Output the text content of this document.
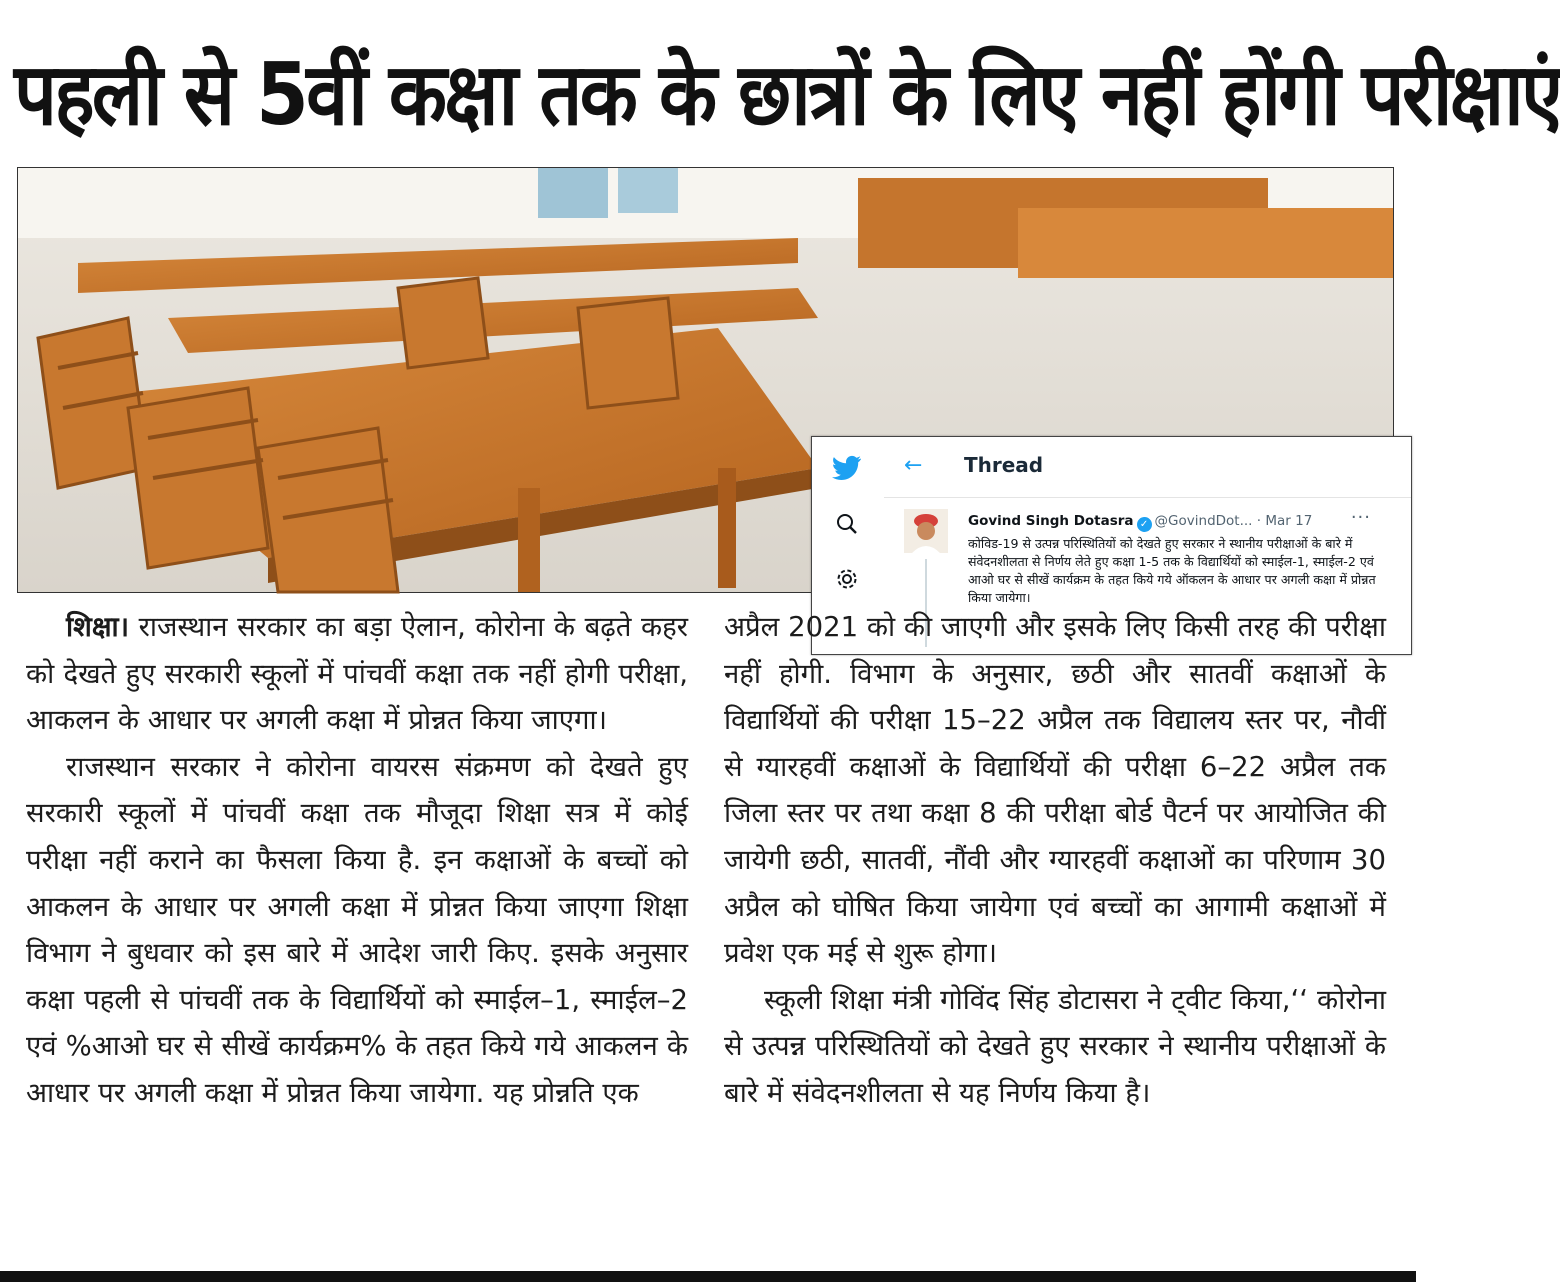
पहली से 5वीं कक्षा तक के छात्रों के लिए नहीं होंगी परीक्षाएं
← Thread
Govind Singh Dotasra ✓ @GovindDot... · Mar 17 ···
कोविड-19 से उत्पन्न परिस्थितियों को देखते हुए सरकार ने स्थानीय परीक्षाओं के बारे में संवेदनशीलता से निर्णय लेते हुए कक्षा 1-5 तक के विद्यार्थियों को स्माईल-1, स्माईल-2 एवं आओ घर से सीखें कार्यक्रम के तहत किये गये ऑकलन के आधार पर अगली कक्षा में प्रोन्नत किया जायेगा।

शिक्षा। राजस्थान सरकार का बड़ा ऐलान, कोरोना के बढ़ते कहर को देखते हुए सरकारी स्कूलों में पांचवीं कक्षा तक नहीं होगी परीक्षा, आकलन के आधार पर अगली कक्षा में प्रोन्नत किया जाएगा।

राजस्थान सरकार ने कोरोना वायरस संक्रमण को देखते हुए सरकारी स्कूलों में पांचवीं कक्षा तक मौजूदा शिक्षा सत्र में कोई परीक्षा नहीं कराने का फैसला किया है. इन कक्षाओं के बच्चों को आकलन के आधार पर अगली कक्षा में प्रोन्नत किया जाएगा शिक्षा विभाग ने बुधवार को इस बारे में आदेश जारी किए. इसके अनुसार कक्षा पहली से पांचवीं तक के विद्यार्थियों को स्माईल–1, स्माईल–2 एवं %आओ घर से सीखें कार्यक्रम% के तहत किये गये आकलन के आधार पर अगली कक्षा में प्रोन्नत किया जायेगा. यह प्रोन्नति एक

अप्रैल 2021 को की जाएगी और इसके लिए किसी तरह की परीक्षा नहीं होगी. विभाग के अनुसार, छठी और सातवीं कक्षाओं के विद्यार्थियों की परीक्षा 15–22 अप्रैल तक विद्यालय स्तर पर, नौवीं से ग्यारहवीं कक्षाओं के विद्यार्थियों की परीक्षा 6–22 अप्रैल तक जिला स्तर पर तथा कक्षा 8 की परीक्षा बोर्ड पैटर्न पर आयोजित की जायेगी छठी, सातवीं, नौंवी और ग्यारहवीं कक्षाओं का परिणाम 30 अप्रैल को घोषित किया जायेगा एवं बच्चों का आगामी कक्षाओं में प्रवेश एक मई से शुरू होगा।

स्कूली शिक्षा मंत्री गोविंद सिंह डोटासरा ने ट्वीट किया,‘‘ कोरोना से उत्पन्न परिस्थितियों को देखते हुए सरकार ने स्थानीय परीक्षाओं के बारे में संवेदनशीलता से यह निर्णय किया है।
